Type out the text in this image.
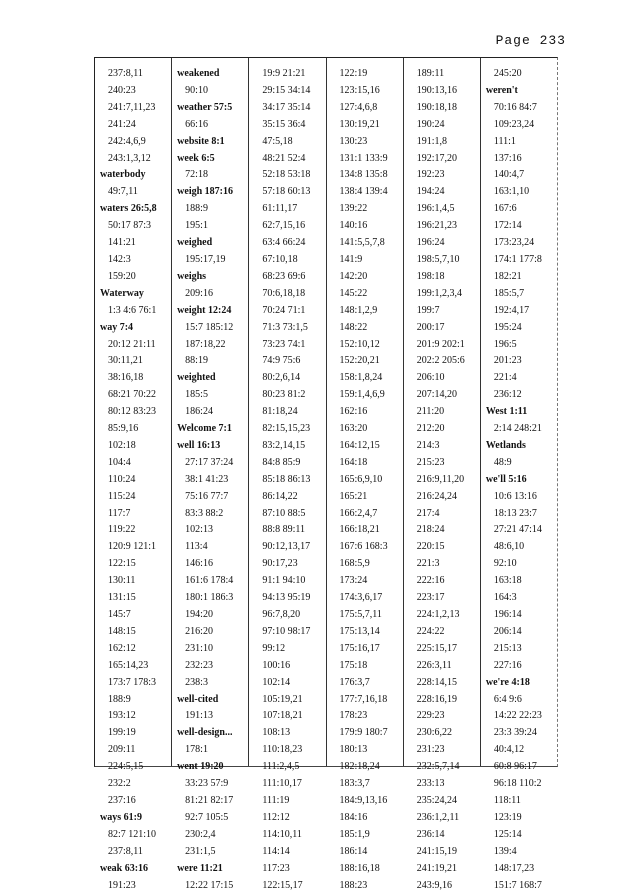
Page 233
237:8,11
240:23
241:7,11,23
241:24
242:4,6,9
243:1,3,12
waterbody
49:7,11
waters 26:5,8
50:17 87:3
141:21
142:3
159:20
Waterway
1:3 4:6 76:1
way 7:4
20:12 21:11
30:11,21
38:16,18
68:21 70:22
80:12 83:23
85:9,16
102:18
104:4
110:24
115:24
117:7
119:22
120:9 121:1
122:15
130:11
131:15
145:7
148:15
162:12
165:14,23
173:7 178:3
188:9
193:12
199:19
209:11
224:5,15
232:2
237:16
ways 61:9
82:7 121:10
237:8,11
weak 63:16
191:23
weakened
90:10
weather 57:5
66:16
website 8:1
week 6:5
72:18
weigh 187:16
188:9
195:1
weighed
195:17,19
weighs
209:16
weight 12:24
15:7 185:12
187:18,22
88:19
weighted
185:5
186:24
Welcome 7:1
well 16:13
27:17 37:24
38:1 41:23
75:16 77:7
83:3 88:2
102:13
113:4
146:16
161:6 178:4
180:1 186:3
194:20
216:20
231:10
232:23
238:3
well-cited
191:13
well-design...
178:1
went 19:20
33:23 57:9
81:21 82:17
92:7 105:5
230:2,4
231:1,5
were 11:21
12:22 17:15
19:9 21:21
29:15 34:14
34:17 35:14
35:15 36:4
47:5,18
48:21 52:4
52:18 53:18
57:18 60:13
61:11,17
62:7,15,16
63:4 66:24
67:10,18
68:23 69:6
70:6,18,18
70:24 71:1
71:3 73:1,5
73:23 74:1
74:9 75:6
80:2,6,14
80:23 81:2
81:18,24
82:15,15,23
83:2,14,15
84:8 85:9
85:18 86:13
86:14,22
87:10 88:5
88:8 89:11
90:12,13,17
90:17,23
91:1 94:10
94:13 95:19
96:7,8,20
97:10 98:17
99:12
100:16
102:14
105:19,21
107:18,21
108:13
110:18,23
111:2,4,5
111:10,17
111:19
112:12
114:10,11
114:14
117:23
122:15,17
122:19
123:15,16
127:4,6,8
130:19,21
130:23
131:1 133:9
134:8 135:8
138:4 139:4
139:22
140:16
141:5,5,7,8
141:9
142:20
145:22
148:1,2,9
148:22
152:10,12
152:20,21
158:1,8,24
159:1,4,6,9
162:16
163:20
164:12,15
164:18
165:6,9,10
165:21
166:2,4,7
166:18,21
167:6 168:3
168:5,9
173:24
174:3,6,17
175:5,7,11
175:13,14
175:16,17
175:18
176:3,7
177:7,16,18
178:23
179:9 180:7
180:13
182:18,24
183:3,7
184:9,13,16
184:16
185:1,9
186:14
188:16,18
188:23
189:11
190:13,16
190:18,18
190:24
191:1,8
192:17,20
192:23
194:24
196:1,4,5
196:21,23
196:24
198:5,7,10
198:18
199:1,2,3,4
199:7
200:17
201:9 202:1
202:2 205:6
206:10
207:14,20
211:20
212:20
214:3
215:23
216:9,11,20
216:24,24
217:4
218:24
220:15
221:3
222:16
223:17
224:1,2,13
224:22
225:15,17
226:3,11
228:14,15
228:16,19
229:23
230:6,22
231:23
232:5,7,14
233:13
235:24,24
236:1,2,11
236:14
241:15,19
241:19,21
243:9,16
245:20
weren't
70:16 84:7
109:23,24
111:1
137:16
140:4,7
163:1,10
167:6
172:14
173:23,24
174:1 177:8
182:21
185:5,7
192:4,17
195:24
196:5
201:23
221:4
236:12
West 1:11
2:14 248:21
Wetlands
48:9
we'll 5:16
10:6 13:16
18:13 23:7
27:21 47:14
48:6,10
92:10
163:18
164:3
196:14
206:14
215:13
227:16
we're 4:18
6:4 9:6
14:22 22:23
23:3 39:24
40:4,12
60:8 96:17
96:18 110:2
118:11
123:19
125:14
139:4
148:17,23
151:7 168:7
